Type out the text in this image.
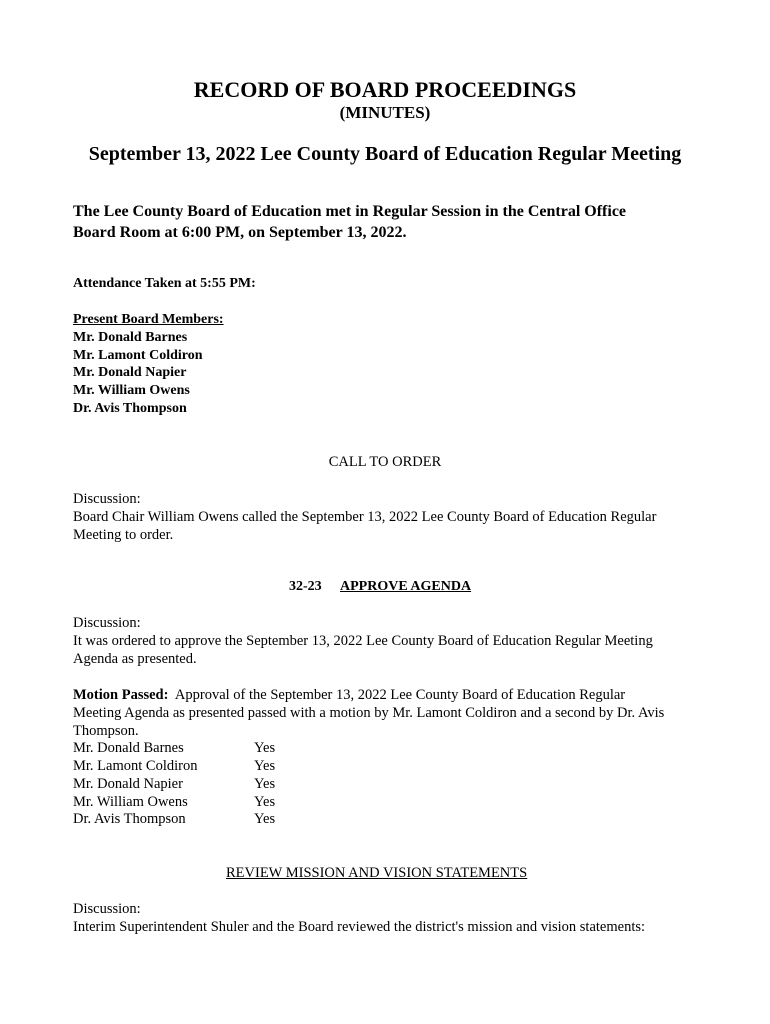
RECORD OF BOARD PROCEEDINGS
(MINUTES)
September 13, 2022 Lee County Board of Education Regular Meeting
The Lee County Board of Education met in Regular Session in the Central Office
Board Room at 6:00 PM, on September 13, 2022.
Attendance Taken at 5:55 PM:
Present Board Members:
Mr. Donald Barnes
Mr. Lamont Coldiron
Mr. Donald Napier
Mr. William Owens
Dr. Avis Thompson
CALL TO ORDER
Discussion:
Board Chair William Owens called the September 13, 2022 Lee County Board of Education Regular
Meeting to order.
32-23 APPROVE AGENDA
Discussion:
It was ordered to approve the September 13, 2022 Lee County Board of Education Regular Meeting
Agenda as presented.
Motion Passed: Approval of the September 13, 2022 Lee County Board of Education Regular
Meeting Agenda as presented passed with a motion by Mr. Lamont Coldiron and a second by Dr. Avis
Thompson.
Mr. Donald Barnes	Yes
Mr. Lamont Coldiron	Yes
Mr. Donald Napier	Yes
Mr. William Owens	Yes
Dr. Avis Thompson	Yes
REVIEW MISSION AND VISION STATEMENTS
Discussion:
Interim Superintendent Shuler and the Board reviewed the district's mission and vision statements:
